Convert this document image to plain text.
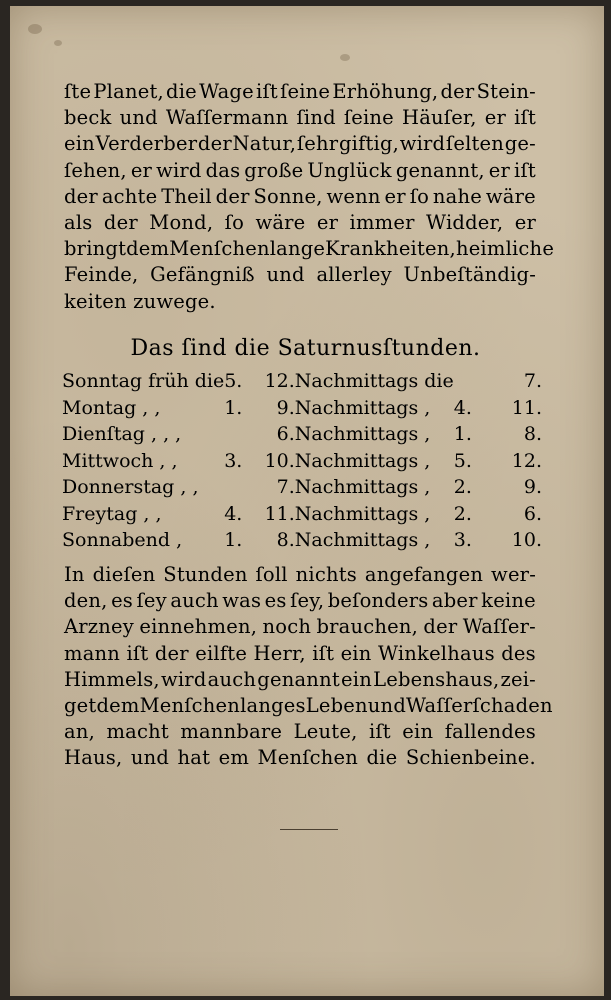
ſte Planet, die Wage iſt ſeine Erhöhung, der Stein-

beck und Waſſermann ſind ſeine Häuſer, er iſt

ein Verderber der Natur, ſehr giftig, wird ſelten ge-

ſehen, er wird das große Unglück genannt, er iſt

der achte Theil der Sonne, wenn er ſo nahe wäre

als der Mond, ſo wäre er immer Widder, er

bringt dem Menſchen lange Krankheiten, heimliche

Feinde, Gefängniß und allerley Unbeſtändig-

keiten zuwege.

Das ſind die Saturnusſtunden.
Sonntag früh die	5.	12.	Nachmittags die		7.
Montag , ,	1.	9.	Nachmittags ,	4.	11.
Dienſtag , , ,		6.	Nachmittags ,	1.	8.
Mittwoch , ,	3.	10.	Nachmittags ,	5.	12.
Donnerstag , ,		7.	Nachmittags ,	2.	9.
Freytag , ,	4.	11.	Nachmittags ,	2.	6.
Sonnabend ,	1.	8.	Nachmittags ,	3.	10.

In dieſen Stunden ſoll nichts angefangen wer-

den, es ſey auch was es ſey, beſonders aber keine

Arzney einnehmen, noch brauchen, der Waſſer-

mann iſt der eilfte Herr, iſt ein Winkelhaus des

Himmels, wird auch genannt ein Lebenshaus, zei-

get dem Menſchen langes Leben und Waſſerſchaden

an, macht mannbare Leute, iſt ein fallendes

Haus, und hat em Menſchen die Schienbeine.
